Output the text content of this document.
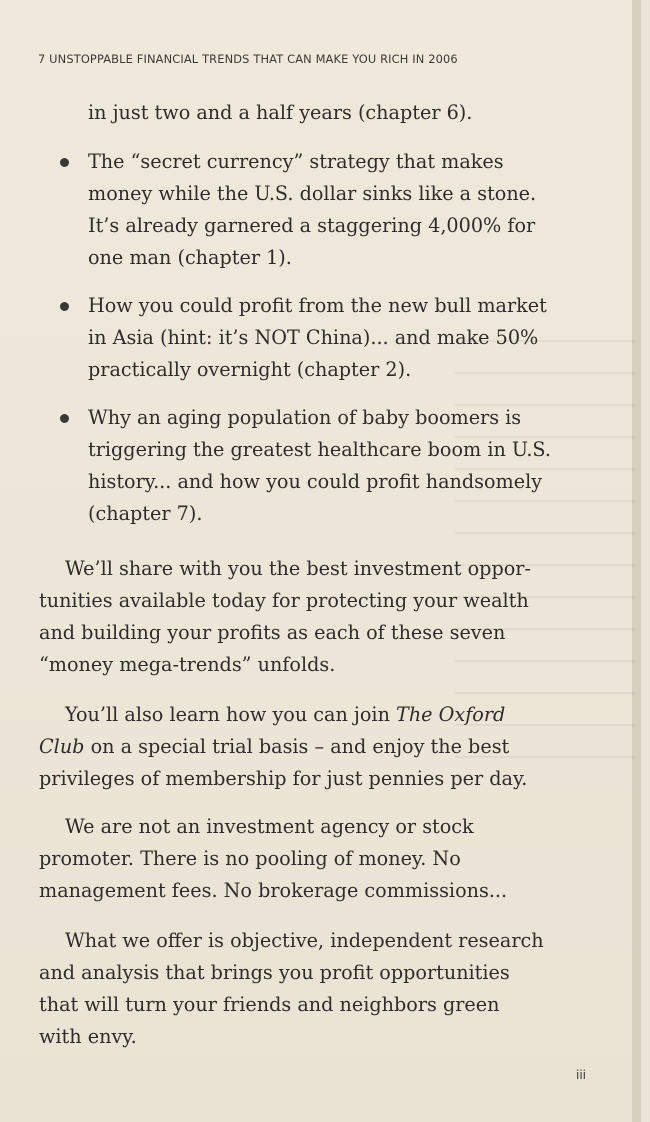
7 UNSTOPPABLE FINANCIAL TRENDS THAT CAN MAKE YOU RICH IN 2006
in just two and a half years (chapter 6).
The “secret currency” strategy that makes
money while the U.S. dollar sinks like a stone.
It’s already garnered a staggering 4,000% for
one man (chapter 1).
How you could profit from the new bull market
in Asia (hint: it’s NOT China)... and make 50%
practically overnight (chapter 2).
Why an aging population of baby boomers is
triggering the greatest healthcare boom in U.S.
history... and how you could profit handsomely
(chapter 7).
We’ll share with you the best investment oppor-
tunities available today for protecting your wealth
and building your profits as each of these seven
“money mega-trends” unfolds.
You’ll also learn how you can join The Oxford
Club on a special trial basis – and enjoy the best
privileges of membership for just pennies per day.
We are not an investment agency or stock
promoter. There is no pooling of money. No
management fees. No brokerage commissions...
What we offer is objective, independent research
and analysis that brings you profit opportunities
that will turn your friends and neighbors green
with envy.
iii
